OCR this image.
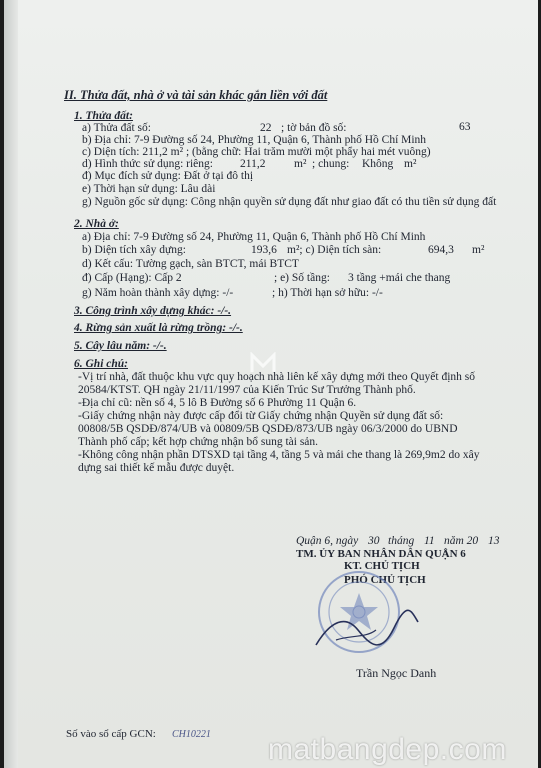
II. Thửa đất, nhà ở và tài sản khác gắn liền với đất
1. Thửa đất:
a) Thửa đất số:	22 ; tờ bản đồ số:	63
b) Địa chỉ: 7-9 Đường số 24, Phường 11, Quận 6, Thành phố Hồ Chí Minh
c) Diện tích: 211,2 m² ; (bằng chữ: Hai trăm mười một phẩy hai mét vuông)
d) Hình thức sử dụng: riêng: 211,2 m² ; chung: Không m²
đ) Mục đích sử dụng: Đất ở tại đô thị
e) Thời hạn sử dụng: Lâu dài
g) Nguồn gốc sử dụng: Công nhận quyền sử dụng đất như giao đất có thu tiền sử dụng đất
2. Nhà ở:
a) Địa chỉ: 7-9 Đường số 24, Phường 11, Quận 6, Thành phố Hồ Chí Minh
b) Diện tích xây dựng:	193,6 m²; c) Diện tích sàn:	694,3 m²
d) Kết cấu: Tường gạch, sàn BTCT, mái BTCT
đ) Cấp (Hạng): Cấp 2	; e) Số tầng: 3 tầng +mái che thang
g) Năm hoàn thành xây dựng: -/-	; h) Thời hạn sở hữu: -/-
3. Công trình xây dựng khác: -/-.
4. Rừng sản xuất là rừng trồng: -/-.
5. Cây lâu năm: -/-.
6. Ghi chú:
-Vị trí nhà, đất thuộc khu vực quy hoạch nhà liên kế xây dựng mới theo Quyết định số
20584/KTST. QH ngày 21/11/1997 của Kiến Trúc Sư Trưởng Thành phố.
-Địa chỉ cũ: nền số 4, 5 lô B Đường số 6 Phường 11 Quận 6.
-Giấy chứng nhận này được cấp đổi từ Giấy chứng nhận Quyền sử dụng đất số:
00808/5B QSDĐ/874/UB và 00809/5B QSDĐ/873/UB ngày 06/3/2000 do UBND
Thành phố cấp; kết hợp chứng nhận bổ sung tài sản.
-Không công nhận phần DTSXD tại tầng 4, tầng 5 và mái che thang là 269,9m2 do xây
dựng sai thiết kế mẫu được duyệt.
Quận 6, ngày 30 tháng 11 năm 20 13
TM. ỦY BAN NHÂN DÂN QUẬN 6
KT. CHỦ TỊCH
PHÓ CHỦ TỊCH
Trần Ngọc Danh
Số vào sổ cấp GCN: CH10221 matbangdep.com
